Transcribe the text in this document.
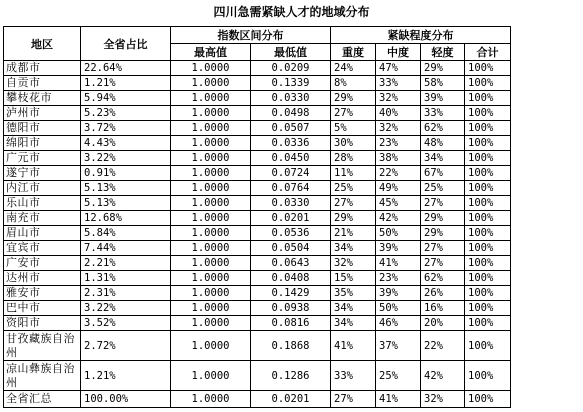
四川急需紧缺人才的地域分布
地区	全省占比	指数区间分布		紧缺程度分布			
		最高值	最低值	重度	中度	轻度	合计
成都市	22.64%	1.0000	0.0209	24%	47%	29%	100%
自贡市	1.21%	1.0000	0.1339	8%	33%	58%	100%
攀枝花市	5.94%	1.0000	0.0330	29%	32%	39%	100%
泸州市	5.23%	1.0000	0.0498	27%	40%	33%	100%
德阳市	3.72%	1.0000	0.0507	5%	32%	62%	100%
绵阳市	4.43%	1.0000	0.0336	30%	23%	48%	100%
广元市	3.22%	1.0000	0.0450	28%	38%	34%	100%
遂宁市	0.91%	1.0000	0.0724	11%	22%	67%	100%
内江市	5.13%	1.0000	0.0764	25%	49%	25%	100%
乐山市	5.13%	1.0000	0.0330	27%	45%	27%	100%
南充市	12.68%	1.0000	0.0201	29%	42%	29%	100%
眉山市	5.84%	1.0000	0.0536	21%	50%	29%	100%
宜宾市	7.44%	1.0000	0.0504	34%	39%	27%	100%
广安市	2.21%	1.0000	0.0643	32%	41%	27%	100%
达州市	1.31%	1.0000	0.0408	15%	23%	62%	100%
雅安市	2.31%	1.0000	0.1429	35%	39%	26%	100%
巴中市	3.22%	1.0000	0.0938	34%	50%	16%	100%
资阳市	3.52%	1.0000	0.0816	34%	46%	20%	100%
甘孜藏族自治州	2.72%	1.0000	0.1868	41%	37%	22%	100%
凉山彝族自治州	1.21%	1.0000	0.1286	33%	25%	42%	100%
全省汇总	100.00%	1.0000	0.0201	27%	41%	32%	100%
